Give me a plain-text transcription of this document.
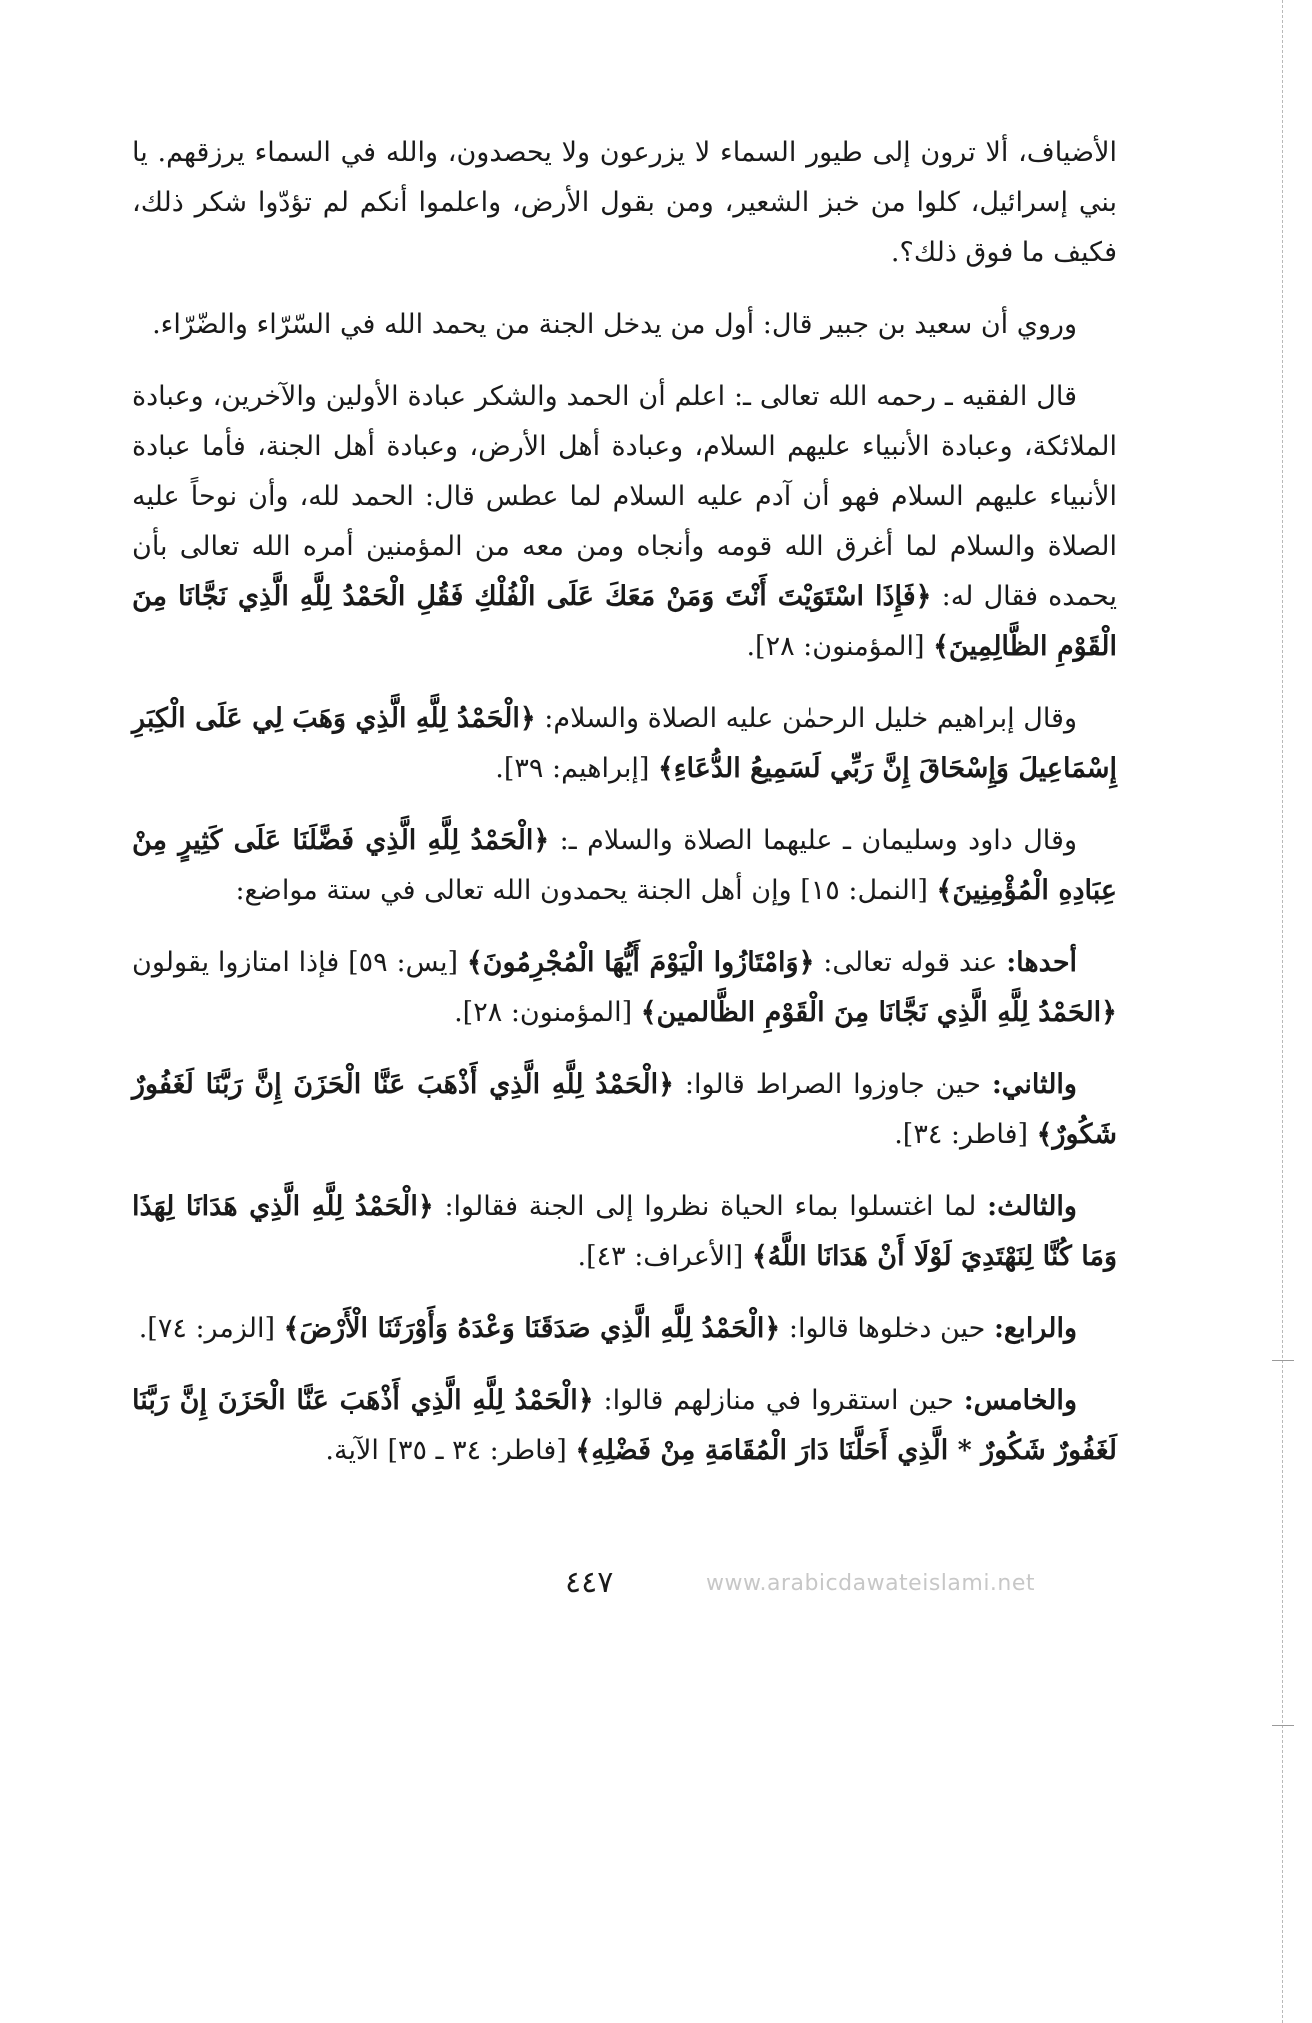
الأضياف، ألا ترون إلى طيور السماء لا يزرعون ولا يحصدون، والله في السماء يرزقهم. يا بني إسرائيل، كلوا من خبز الشعير، ومن بقول الأرض، واعلموا أنكم لم تؤدّوا شكر ذلك، فكيف ما فوق ذلك؟.

وروي أن سعيد بن جبير قال: أول من يدخل الجنة من يحمد الله في السّرّاء والضّرّاء.

قال الفقيه ـ رحمه الله تعالى ـ: اعلم أن الحمد والشكر عبادة الأولين والآخرين، وعبادة الملائكة، وعبادة الأنبياء عليهم السلام، وعبادة أهل الأرض، وعبادة أهل الجنة، فأما عبادة الأنبياء عليهم السلام فهو أن آدم عليه السلام لما عطس قال: الحمد لله، وأن نوحاً عليه الصلاة والسلام لما أغرق الله قومه وأنجاه ومن معه من المؤمنين أمره الله تعالى بأن يحمده فقال له: ﴿فَإِذَا اسْتَوَيْتَ أَنْتَ وَمَنْ مَعَكَ عَلَى الْفُلْكِ فَقُلِ الْحَمْدُ لِلَّهِ الَّذِي نَجَّانَا مِنَ الْقَوْمِ الظَّالِمِينَ﴾ [المؤمنون: ٢٨].

وقال إبراهيم خليل الرحمٰن عليه الصلاة والسلام: ﴿الْحَمْدُ لِلَّهِ الَّذِي وَهَبَ لِي عَلَى الْكِبَرِ إِسْمَاعِيلَ وَإِسْحَاقَ إِنَّ رَبِّي لَسَمِيعُ الدُّعَاءِ﴾ [إبراهيم: ٣٩].

وقال داود وسليمان ـ عليهما الصلاة والسلام ـ: ﴿الْحَمْدُ لِلَّهِ الَّذِي فَضَّلَنَا عَلَى كَثِيرٍ مِنْ عِبَادِهِ الْمُؤْمِنِينَ﴾ [النمل: ١٥] وإن أهل الجنة يحمدون الله تعالى في ستة مواضع:

أحدها: عند قوله تعالى: ﴿وَامْتَازُوا الْيَوْمَ أَيُّهَا الْمُجْرِمُونَ﴾ [يس: ٥٩] فإذا امتازوا يقولون ﴿الحَمْدُ لِلَّهِ الَّذِي نَجَّانَا مِنَ الْقَوْمِ الظَّالمين﴾ [المؤمنون: ٢٨].

والثاني: حين جاوزوا الصراط قالوا: ﴿الْحَمْدُ لِلَّهِ الَّذِي أَذْهَبَ عَنَّا الْحَزَنَ إِنَّ رَبَّنَا لَغَفُورٌ شَكُورٌ﴾ [فاطر: ٣٤].

والثالث: لما اغتسلوا بماء الحياة نظروا إلى الجنة فقالوا: ﴿الْحَمْدُ لِلَّهِ الَّذِي هَدَانَا لِهَذَا وَمَا كُنَّا لِنَهْتَدِيَ لَوْلَا أَنْ هَدَانَا اللَّهُ﴾ [الأعراف: ٤٣].

والرابع: حين دخلوها قالوا: ﴿الْحَمْدُ لِلَّهِ الَّذِي صَدَقَنَا وَعْدَهُ وَأَوْرَثَنَا الْأَرْضَ﴾ [الزمر: ٧٤].

والخامس: حين استقروا في منازلهم قالوا: ﴿الْحَمْدُ لِلَّهِ الَّذِي أَذْهَبَ عَنَّا الْحَزَنَ إِنَّ رَبَّنَا لَغَفُورٌ شَكُورٌ * الَّذِي أَحَلَّنَا دَارَ الْمُقَامَةِ مِنْ فَضْلِهِ﴾ [فاطر: ٣٤ ـ ٣٥] الآية.

٤٤٧	www.arabicdawateislami.net
